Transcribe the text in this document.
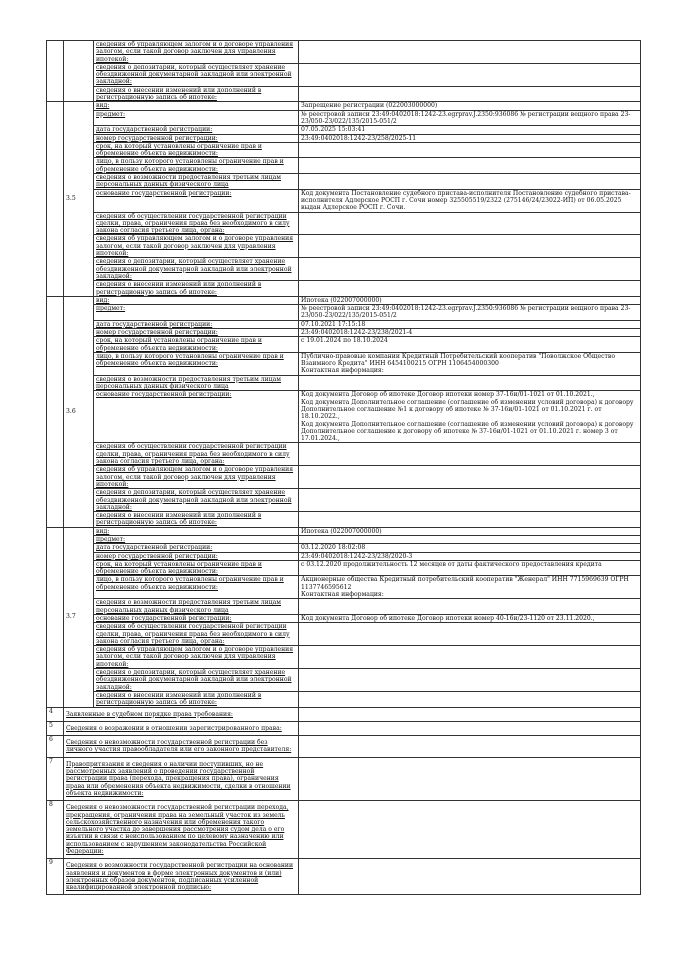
		сведения об управляющем залогом и о договоре управления залогом, если такой договор заключен для управления ипотекой:	
		сведения о депозитарии, который осуществляет хранение обездвиженной документарной закладной или электронной закладной:	
		сведения о внесении изменений или дополнений в регистрационную запись об ипотеке:	
	3.5	вид:	Запрещение регистрации (022003000000)

		предмет:	№ реестровой записи 23:49:0402018:1242-23.egrprav.J.2350:936086 № регистрации вещного права 23-23/050-23/022/135/2015-051/2

		дата государственной регистрации:	07.05.2025 15:03:41

		номер государственной регистрации:	23:49:0402018:1242-23/258/2025-11

		срок, на который установлены ограничение прав и обременение объекта недвижимости:	
		лицо, в пользу которого установлены ограничение прав и обременение объекта недвижимости:	
		сведения о возможности предоставления третьим лицам персональных данных физического лица	
		основание государственной регистрации:	Код документа Постановление судебного пристава-исполнителя Постановление судебного пристава-исполнителя Адлерское РОСП г. Сочи номер 325505519/2322 (275146/24/23022-ИП) от 06.05.2025 выдан Адлерское РОСП г. Сочи.

		сведения об осуществлении государственной регистрации сделки, права, ограничения права без необходимого в силу закона согласия третьего лица, органа:	
		сведения об управляющем залогом и о договоре управления залогом, если такой договор заключен для управления ипотекой:	
		сведения о депозитарии, который осуществляет хранение обездвиженной документарной закладной или электронной закладной:	
		сведения о внесении изменений или дополнений в регистрационную запись об ипотеке:	
	3.6	вид:	Ипотека (022007000000)

		предмет:	№ реестровой записи 23:49:0402018:1242-23.egrprav.J.2350:936086 № регистрации вещного права 23-23/050-23/022/135/2015-051/2

		дата государственной регистрации:	07.10.2021 17:15:18

		номер государственной регистрации:	23:49:0402018:1242-23/238/2021-4

		срок, на который установлены ограничение прав и обременение объекта недвижимости:	с 19.01.2024 по 18.10.2024

		лицо, в пользу которого установлены ограничение прав и обременение объекта недвижимости:	Публично-правовые компании Кредитный Потребительский кооператив "Поволжское Общество Взаимного Кредита" ИНН 6454100215 ОГРН 1106454000300
Контактная информация:

		сведения о возможности предоставления третьим лицам персональных данных физического лица	
		основание государственной регистрации:	Код документа Договор об ипотеке Договор ипотеки номер 37-16и/01-1021 от 01.10.2021.,
Код документа Дополнительное соглашение (соглашение об изменении условий договора) к договору Дополнительное соглашение №1 к договору об ипотеке № 37-16и/01-1021 от 01.10.2021 г. от 18.10.2022.,
Код документа Дополнительное соглашение (соглашение об изменении условий договора) к договору Дополнительное соглашение к договору об ипотеке № 37-16и/01-1021 от 01.10.2021 г. номер 3 от 17.01.2024.,

		сведения об осуществлении государственной регистрации сделки, права, ограничения права без необходимого в силу закона согласия третьего лица, органа:	
		сведения об управляющем залогом и о договоре управления залогом, если такой договор заключен для управления ипотекой:	
		сведения о депозитарии, который осуществляет хранение обездвиженной документарной закладной или электронной закладной:	
		сведения о внесении изменений или дополнений в регистрационную запись об ипотеке:	
	3.7	вид:	Ипотека (022007000000)

		предмет:	
		дата государственной регистрации:	03.12.2020 18:02:08

		номер государственной регистрации:	23:49:0402018:1242-23/238/2020-3

		срок, на который установлены ограничение прав и обременение объекта недвижимости:	с 03.12.2020 продолжительность 12 месяцев от даты фактического предоставления кредита

		лицо, в пользу которого установлены ограничение прав и обременение объекта недвижимости:	Акционерные общества Кредитный потребительский кооператив "Женерал" ИНН 7715969639 ОГРН 1137746595612
Контактная информация:

		сведения о возможности предоставления третьим лицам персональных данных физического лица	
		основание государственной регистрации:	Код документа Договор об ипотеке Договор ипотеки номер 40-16и/23-1120 от 23.11.2020.,

		сведения об осуществлении государственной регистрации сделки, права, ограничения права без необходимого в силу закона согласия третьего лица, органа:	
		сведения об управляющем залогом и о договоре управления залогом, если такой договор заключен для управления ипотекой:	
		сведения о депозитарии, который осуществляет хранение обездвиженной документарной закладной или электронной закладной:	
		сведения о внесении изменений или дополнений в регистрационную запись об ипотеке:	
4	Заявленные в судебном порядке права требования:		
5	Сведения о возражении в отношении зарегистрированного права:		
6	Сведения о невозможности государственной регистрации без личного участия правообладателя или его законного представителя:		
7	Правопритязания и сведения о наличии поступивших, но не рассмотренных заявлений о проведении государственной регистрации права (перехода, прекращения права), ограничения права или обременения объекта недвижимости, сделки в отношении объекта недвижимости:		
8	Сведения о невозможности государственной регистрации перехода, прекращения, ограничения права на земельный участок из земель сельскохозяйственного назначения или обременения такого земельного участка до завершения рассмотрения судом дела о его изъятии в связи с неиспользованием по целевому назначению или использованием с нарушением законодательства Российской Федерации:		
9	Сведения о возможности государственной регистрации на основании заявления и документов в форме электронных документов и (или) электронных образов документов, подписанных усиленной квалифицированной электронной подписью:		
